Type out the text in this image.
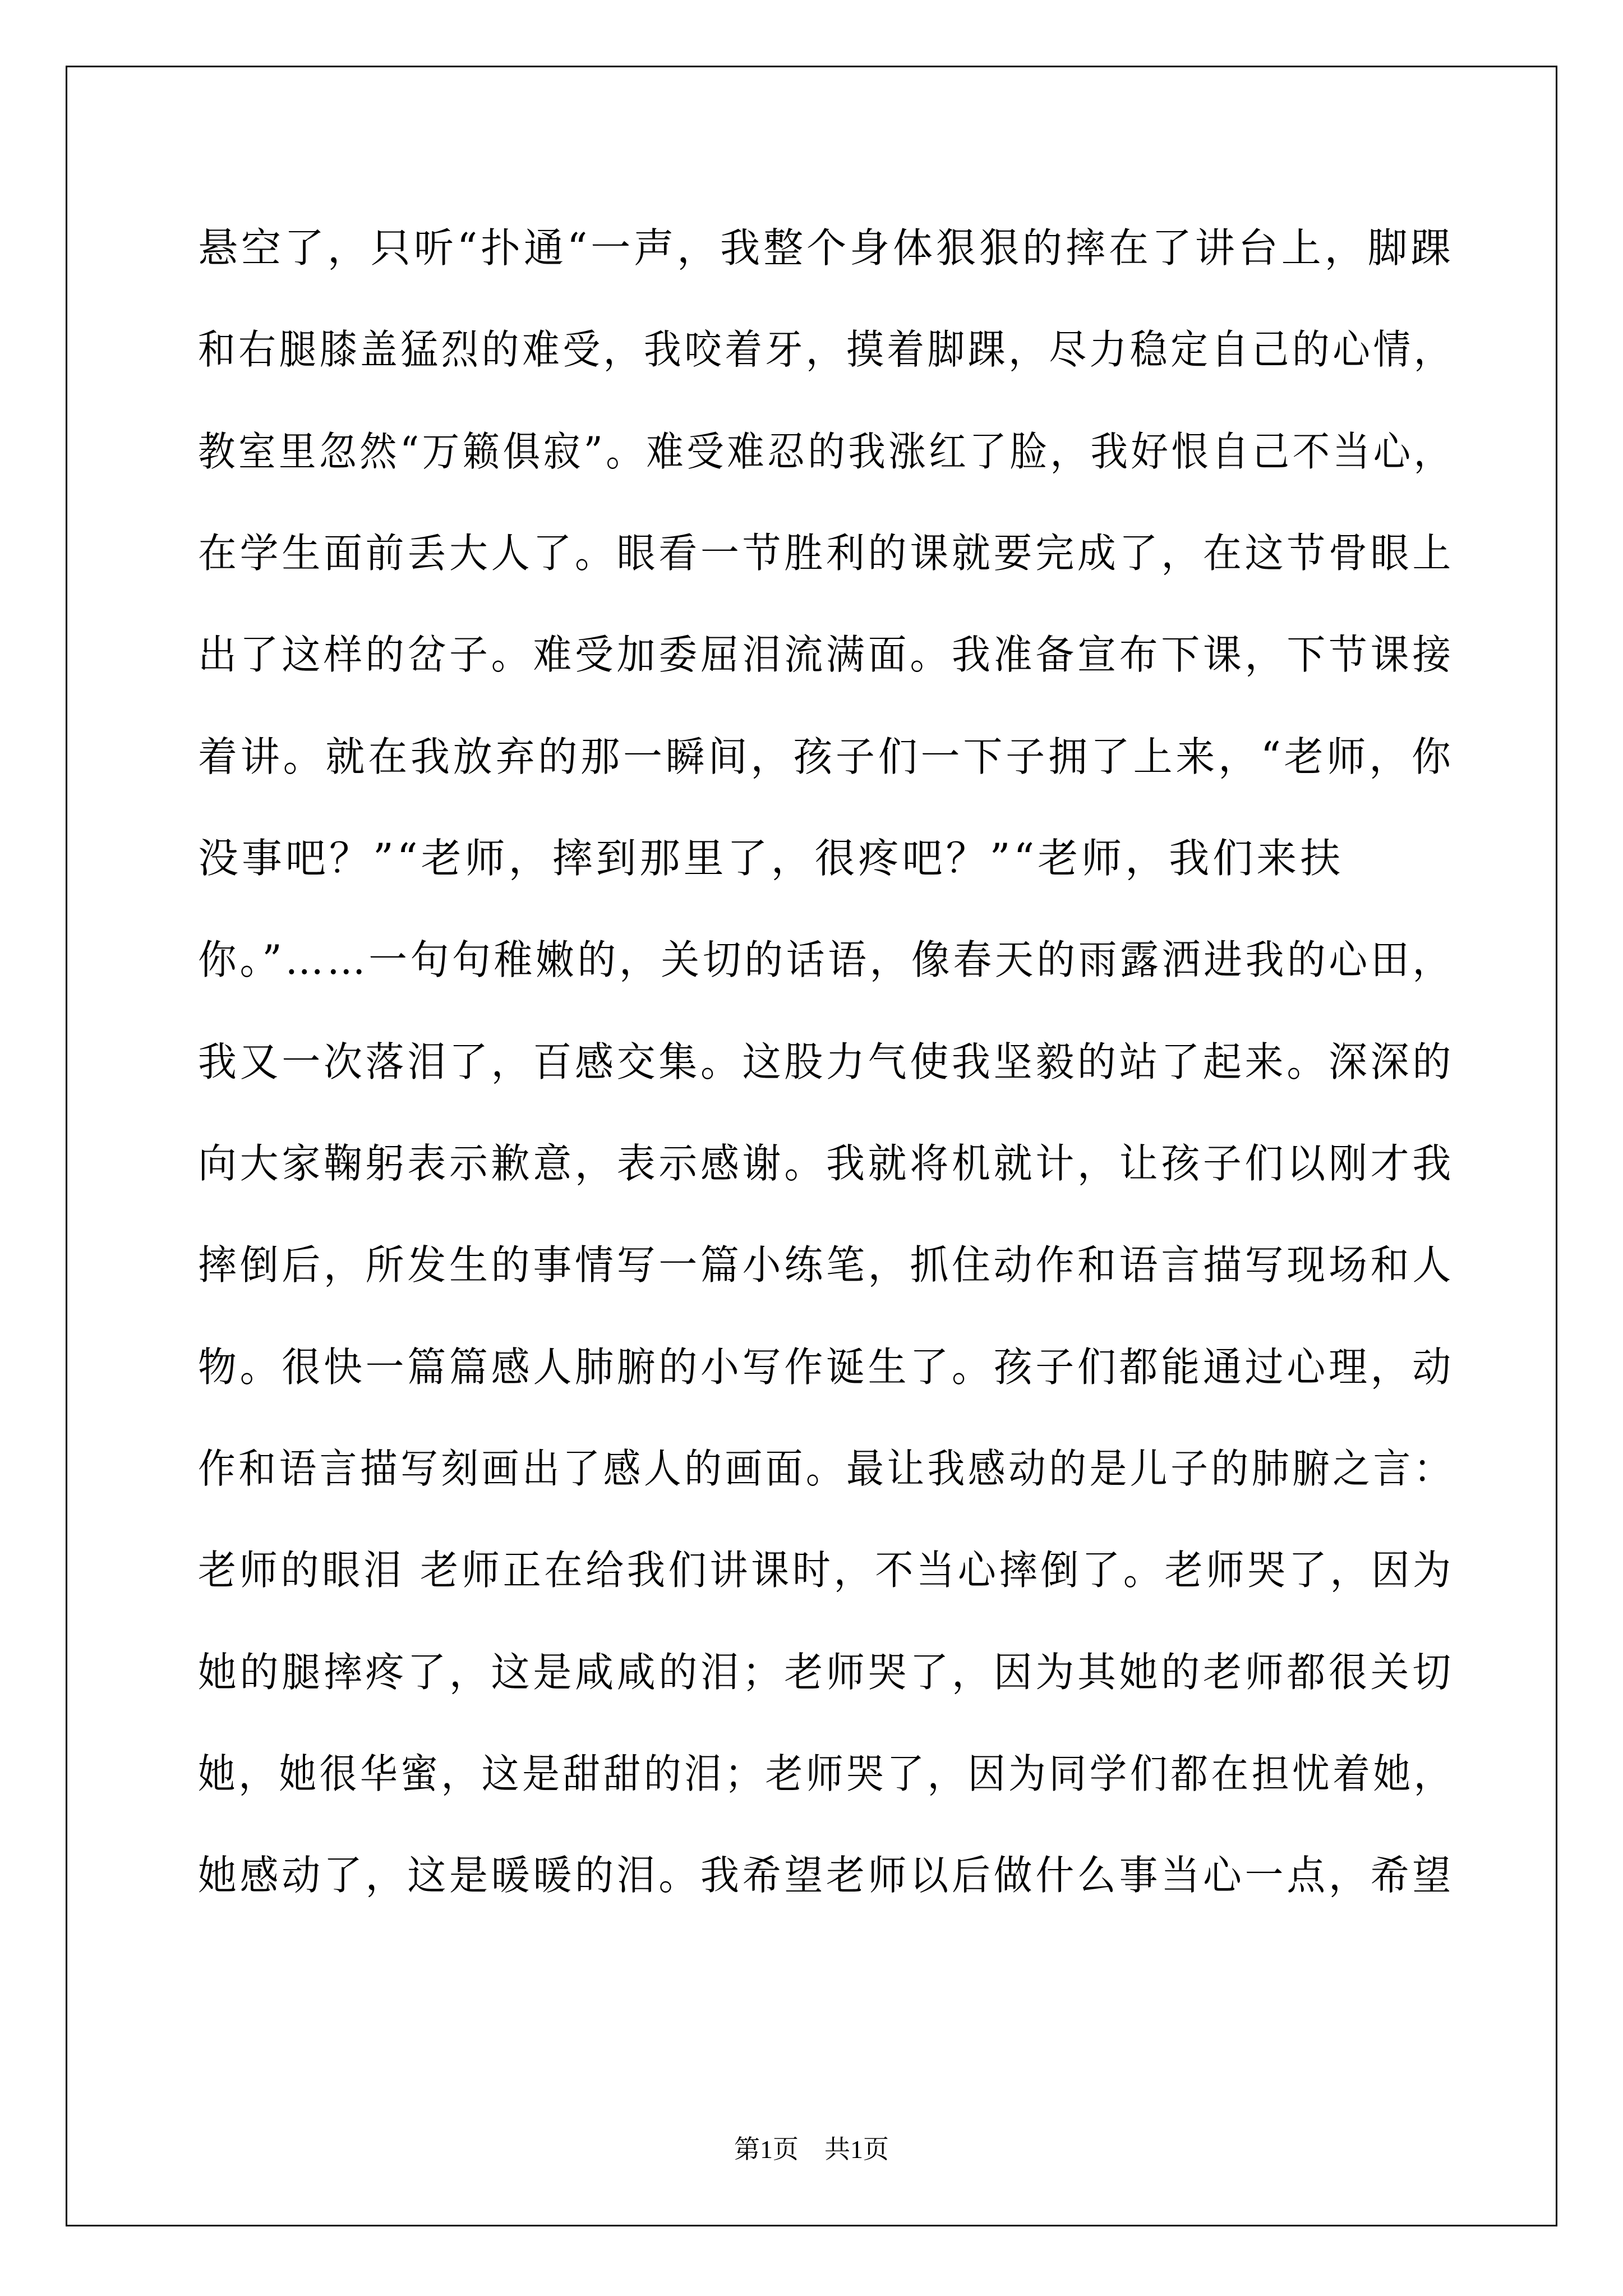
悬空了，只听“扑通“一声，我整个身体狠狠的摔在了讲台上，脚踝
和右腿膝盖猛烈的难受，我咬着牙，摸着脚踝，尽力稳定自己的心情，
教室里忽然“万籁俱寂”。难受难忍的我涨红了脸，我好恨自己不当心，
在学生面前丢大人了。眼看一节胜利的课就要完成了，在这节骨眼上
出了这样的岔子。难受加委屈泪流满面。我准备宣布下课，下节课接
着讲。就在我放弃的那一瞬间，孩子们一下子拥了上来，“老师，你
没事吧？”“老师，摔到那里了，很疼吧？”“老师，我们来扶
你。”……一句句稚嫩的，关切的话语，像春天的雨露洒进我的心田，
我又一次落泪了，百感交集。这股力气使我坚毅的站了起来。深深的
向大家鞠躬表示歉意，表示感谢。我就将机就计，让孩子们以刚才我
摔倒后，所发生的事情写一篇小练笔，抓住动作和语言描写现场和人
物。很快一篇篇感人肺腑的小写作诞生了。孩子们都能通过心理，动
作和语言描写刻画出了感人的画面。最让我感动的是儿子的肺腑之言：
老师的眼泪 老师正在给我们讲课时，不当心摔倒了。老师哭了，因为
她的腿摔疼了，这是咸咸的泪；老师哭了，因为其她的老师都很关切
她，她很华蜜，这是甜甜的泪；老师哭了，因为同学们都在担忧着她，
她感动了，这是暖暖的泪。我希望老师以后做什么事当心一点，希望
第1页 共1页
